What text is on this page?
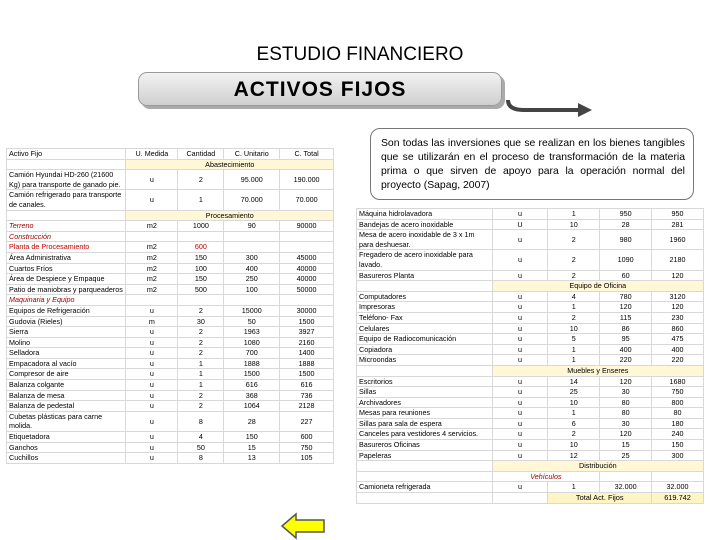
ESTUDIO FINANCIERO
ACTIVOS FIJOS
Son todas las inversiones que se realizan en los bienes tangibles que se utilizarán en el proceso de transformación de la materia prima o que sirven de apoyo para la operación normal del proyecto (Sapag, 2007)
Activo Fijo	U. Medida	Cantidad	C. Unitario	C. Total
	Abastecimiento			
Camión Hyundai HD-260 (21600 Kg) para transporte de ganado pie.	u	2	95.000	190.000
Camión refrigerado para transporte de canales.	u	1	70.000	70.000
	Procesamiento			
Terreno	m2	1000	90	90000
Construcción				
Planta de Procesamiento	m2	600		
Área Administrativa	m2	150	300	45000
Cuartos Fríos	m2	100	400	40000
Área de Despiece y Empaque	m2	150	250	40000
Patio de maniobras y parqueaderos	m2	500	100	50000
Maquinaria y Equipo				
Equipos de Refrigeración	u	2	15000	30000
Gudovia (Rieles)	m	30	50	1500
Sierra	u	2	1963	3927
Molino	u	2	1080	2160
Selladora	u	2	700	1400
Empacadora al vacío	u	1	1888	1888
Compresor de aire	u	1	1500	1500
Balanza colgante	u	1	616	616
Balanza de mesa	u	2	368	736
Balanza de pedestal	u	2	1064	2128
Cubetas plásticas para carne molida.	u	8	28	227
Etiquetadora	u	4	150	600
Ganchos	u	50	15	750
Cuchillos	u	8	13	105
Máquina hidrolavadora	u	1	950	950
Bandejas de acero inoxidable	U	10	28	281
Mesa de acero inoxidable de 3 x 1m para deshuesar.	u	2	980	1960
Fregadero de acero inoxidable para lavado.	u	2	1090	2180
Basureros Planta	u	2	60	120
	Equipo de Oficina			
Computadores	u	4	780	3120
Impresoras	u	1	120	120
Teléfono- Fax	u	2	115	230
Celulares	u	10	86	860
Equipo de Radiocomunicación	u	5	95	475
Copiadora	u	1	400	400
Microondas	u	1	220	220
	Muebles y Enseres			
Escritorios	u	14	120	1680
Sillas	u	25	30	750
Archivadores	u	10	80	800
Mesas para reuniones	u	1	80	80
Sillas para sala de espera	u	6	30	180
Canceles para vestidores 4 servicios.	u	2	120	240
Basureros Oficinas	u	10	15	150
Papeleras	u	12	25	300
	Distribución			
	Vehículos			
Camioneta refrigerada	u	1	32.000	32.000
		Total Act. Fijos		619.742
